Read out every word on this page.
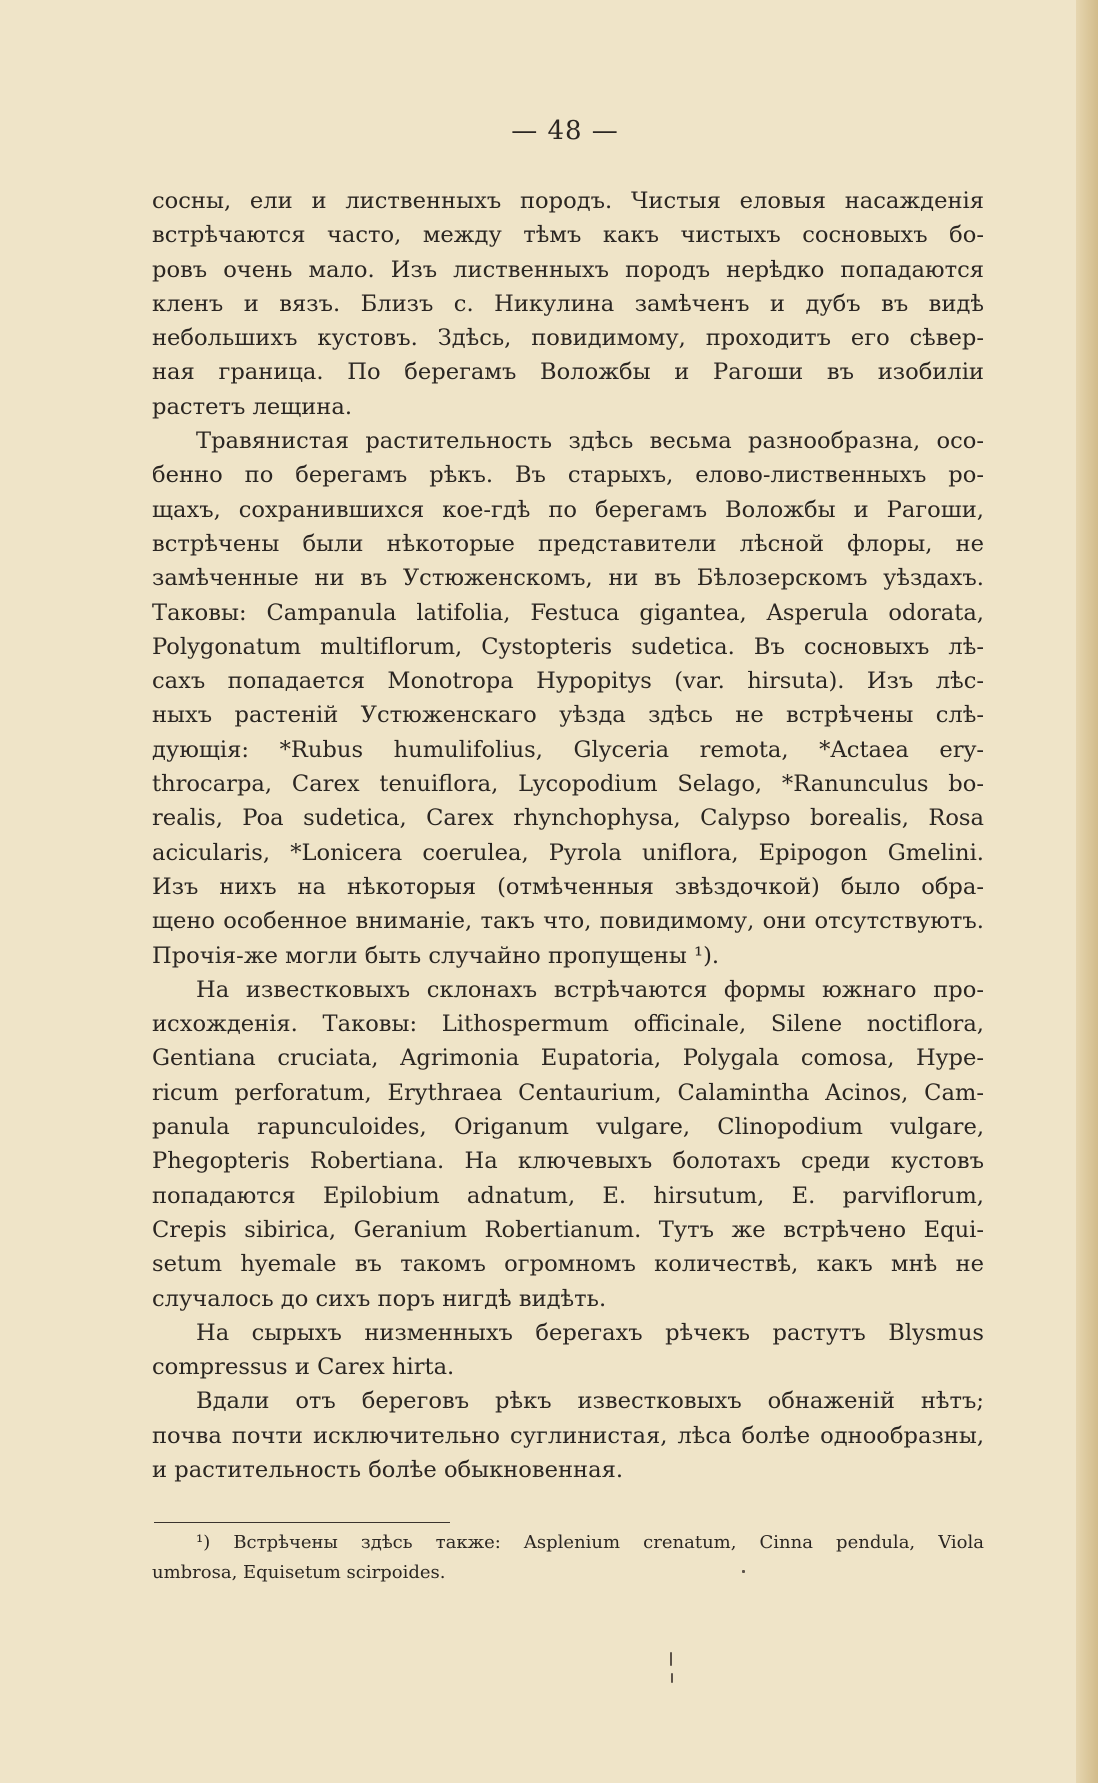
— 48 —
сосны, ели и лиственныхъ породъ. Чистыя еловыя насажденія
встрѣчаются часто, между тѣмъ какъ чистыхъ сосновыхъ бо-
ровъ очень мало. Изъ лиственныхъ породъ нерѣдко попадаются
кленъ и вязъ. Близъ с. Никулина замѣченъ и дубъ въ видѣ
небольшихъ кустовъ. Здѣсь, повидимому, проходитъ его сѣвер-
ная граница. По берегамъ Воложбы и Рагоши въ изобиліи
растетъ лещина.
Травянистая растительность здѣсь весьма разнообразна, осо-
бенно по берегамъ рѣкъ. Въ старыхъ, елово-лиственныхъ ро-
щахъ, сохранившихся кое-гдѣ по берегамъ Воложбы и Рагоши,
встрѣчены были нѣкоторые представители лѣсной флоры, не
замѣченные ни въ Устюженскомъ, ни въ Бѣлозерскомъ уѣздахъ.
Таковы: Campanula latifolia, Festuca gigantea, Asperula odorata,
Polygonatum multiflorum, Cystopteris sudetica. Въ сосновыхъ лѣ-
сахъ попадается Monotropa Hypopitys (var. hirsuta). Изъ лѣс-
ныхъ растеній Устюженскаго уѣзда здѣсь не встрѣчены слѣ-
дующія: *Rubus humulifolius, Glyceria remota, *Actaea ery-
throcarpa, Carex tenuiflora, Lycopodium Selago, *Ranunculus bo-
realis, Poa sudetica, Carex rhynchophysa, Calypso borealis, Rosa
acicularis, *Lonicera coerulea, Pyrola uniflora, Epipogon Gmelini.
Изъ нихъ на нѣкоторыя (отмѣченныя звѣздочкой) было обра-
щено особенное вниманіе, такъ что, повидимому, они отсутствуютъ.
Прочія-же могли быть случайно пропущены ¹).
На известковыхъ склонахъ встрѣчаются формы южнаго про-
исхожденія. Таковы: Lithospermum officinale, Silene noctiflora,
Gentiana cruciata, Agrimonia Eupatoria, Polygala comosa, Hype-
ricum perforatum, Erythraea Centaurium, Calamintha Acinos, Cam-
panula rapunculoides, Origanum vulgare, Clinopodium vulgare,
Phegopteris Robertiana. На ключевыхъ болотахъ среди кустовъ
попадаются Epilobium adnatum, E. hirsutum, E. parviflorum,
Crepis sibirica, Geranium Robertianum. Тутъ же встрѣчено Equi-
setum hyemale въ такомъ огромномъ количествѣ, какъ мнѣ не
случалось до сихъ поръ нигдѣ видѣть.
На сырыхъ низменныхъ берегахъ рѣчекъ растутъ Blysmus
compressus и Carex hirta.
Вдали отъ береговъ рѣкъ известковыхъ обнаженій нѣтъ;
почва почти исключительно суглинистая, лѣса болѣе однообразны,
и растительность болѣе обыкновенная.
¹) Встрѣчены здѣсь также: Asplenium crenatum, Cinna pendula, Viola
umbrosa, Equisetum scirpoides.
